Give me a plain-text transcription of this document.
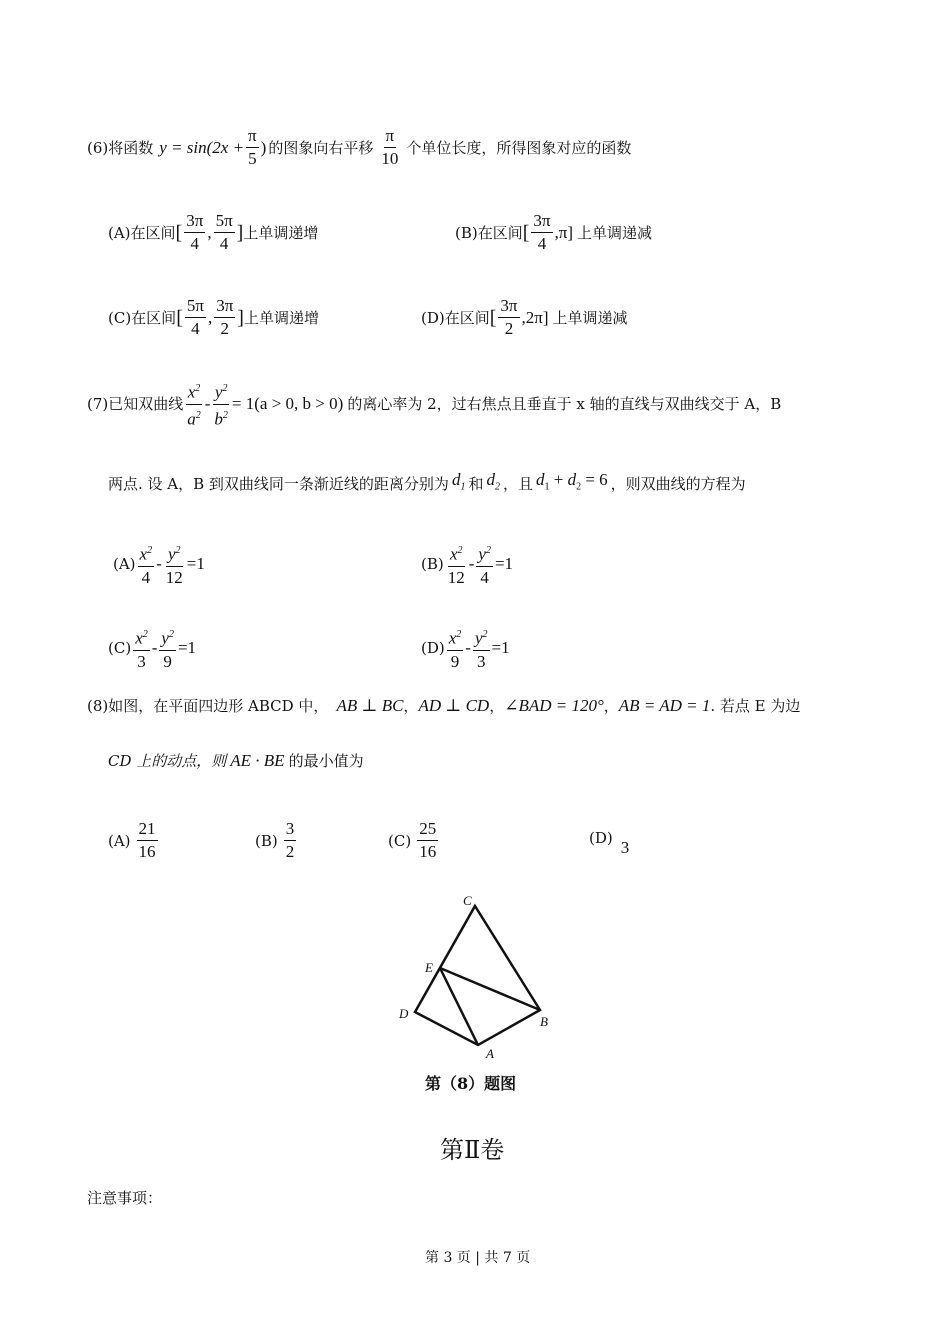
(6)将函数 $y = \sin(2x + \frac{\pi}{5}$ ) 的图象向右平移 $\frac{\pi}{10}$ 个单位长度，所得图象对应的函数
(A)在区间 [ $\frac{3\pi}{4}$ , $\frac{5\pi}{4}$ ] 上单调递增	(B)在区间 [ $\frac{3\pi}{4} ,\pi$] 上单调递减
(C)在区间 [ $\frac{5\pi}{4}$ , $\frac{3\pi}{2}$ ] 上单调递增	(D)在区间 [ $\frac{3\pi}{2} ,2\pi$] 上单调递减
(7)已知双曲线 $\frac{x^2}{a^2} - \frac{y^2}{b^2} = 1(a > 0$, b > 0) 的离心率为 2，过右焦点且垂直于 x 轴的直线与双曲线交于 A，B
两点. 设 A，B 到双曲线同一条渐近线的距离分别为 $d_1$ 和 $d_2$ ，且 $d_1 + d_2 = 6$ ，则双曲线的方程为
$(A) \frac{x^2}{4} - \frac{y^2}{12} =1$	$(B) \frac{x^2}{12} - \frac{y^2}{4} =1$
$(C) \frac{x^2}{3} - \frac{y^2}{9} =1$	$(D) \frac{x^2}{9} - \frac{y^2}{3} =1$
(8)如图，在平面四边形 ABCD 中， AB ⊥ BC ， AD ⊥ CD ， ∠BAD = 120° ， AB = AD = 1 . 若点 E 为边
CD 上的动点，则 AE · BE 的最小值为
$(A) \frac{21}{16}$	$(B) \frac{3}{2}$	$(C) \frac{25}{16}$	(D) 3
C
E
D
B
A
第（8）题图
第Ⅱ卷
注意事项：
第 3 页 | 共 7 页
